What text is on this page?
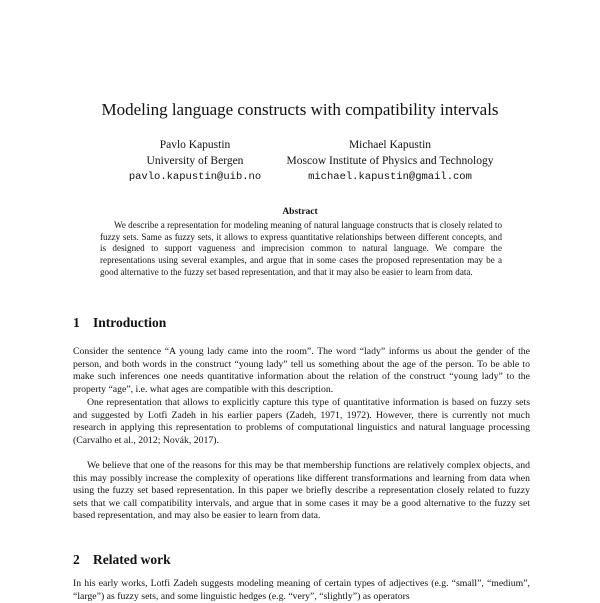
Modeling language constructs with compatibility intervals
Pavlo Kapustin
University of Bergen
pavlo.kapustin@uib.no
Michael Kapustin
Moscow Institute of Physics and Technology
michael.kapustin@gmail.com
Abstract

We describe a representation for modeling meaning of natural language constructs that is closely related to fuzzy sets. Same as fuzzy sets, it allows to express quantitative relationships between different concepts, and is designed to support vagueness and imprecision common to natural language. We compare the representations using several examples, and argue that in some cases the proposed representation may be a good alternative to the fuzzy set based representation, and that it may also be easier to learn from data.

1 Introduction

Consider the sentence “A young lady came into the room”. The word “lady” informs us about the gender of the person, and both words in the construct “young lady” tell us something about the age of the person. To be able to make such inferences one needs quantitative information about the relation of the construct “young lady” to the property “age”, i.e. what ages are compatible with this description.

One representation that allows to explicitly capture this type of quantitative information is based on fuzzy sets and suggested by Lotfi Zadeh in his earlier papers (Zadeh, 1971, 1972). However, there is currently not much research in applying this representation to problems of computational linguistics and natural language processing (Carvalho et al., 2012; Novák, 2017).

We believe that one of the reasons for this may be that membership functions are relatively complex objects, and this may possibly increase the complexity of operations like different transformations and learning from data when using the fuzzy set based representation. In this paper we briefly describe a representation closely related to fuzzy sets that we call compatibility intervals, and argue that in some cases it may be a good alternative to the fuzzy set based representation, and may also be easier to learn from data.

2 Related work

In his early works, Lotfi Zadeh suggests modeling meaning of certain types of adjectives (e.g. “small”, “medium”, “large”) as fuzzy sets, and some linguistic hedges (e.g. “very”, “slightly”) as operators
